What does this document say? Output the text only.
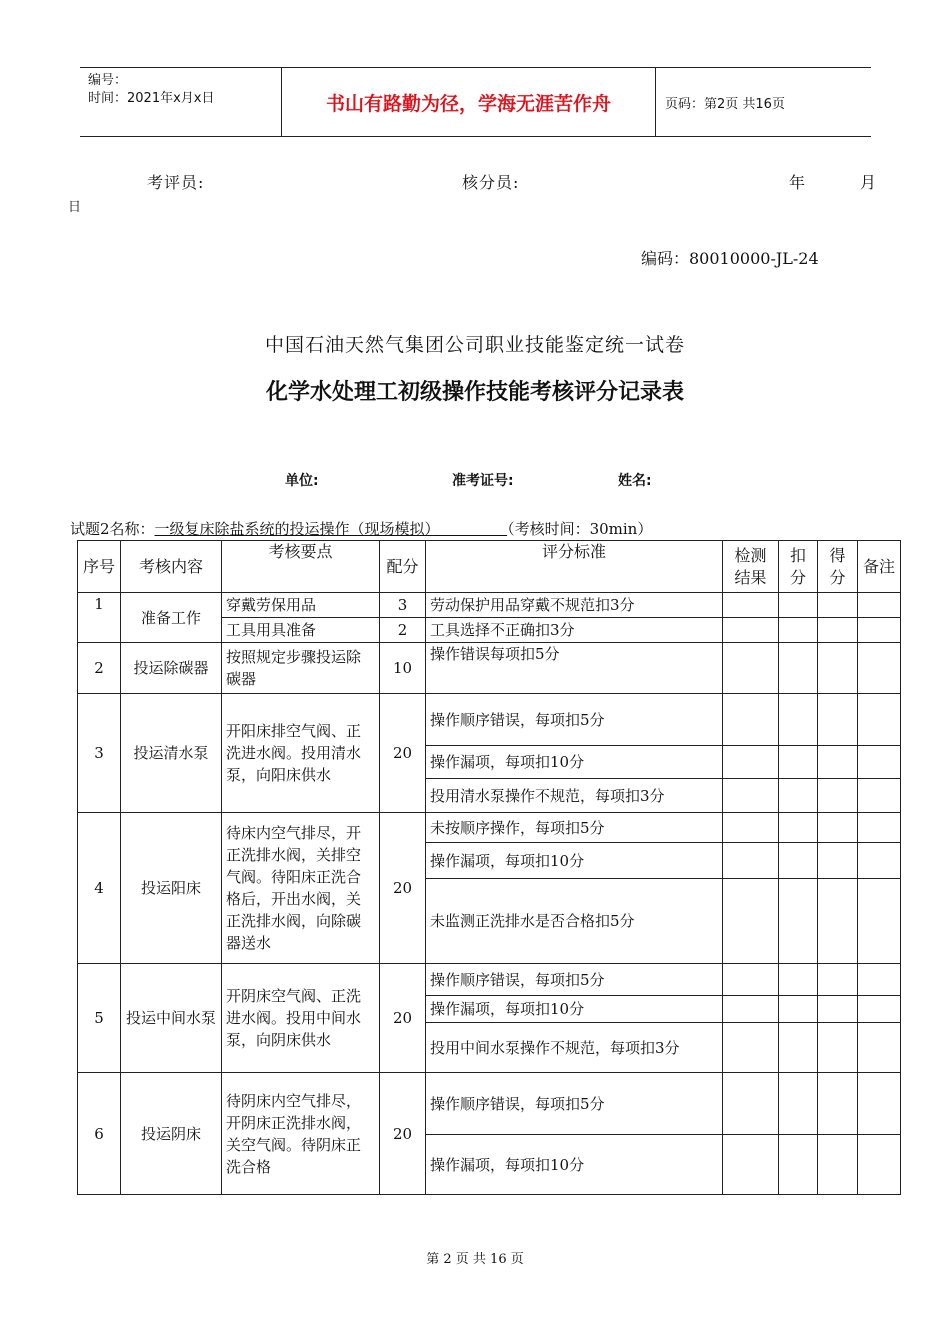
编号：
时间：2021年x月x日	书山有路勤为径，学海无涯苦作舟	页码：第2页 共16页
考评员:	核分员:	年	月
日
编码：80010000-JL-24
中国石油天然气集团公司职业技能鉴定统一试卷
化学水处理工初级操作技能考核评分记录表
单位:	准考证号:	姓名:
试题2名称：一级复床除盐系统的投运操作（现场模拟）　　　　　	（考核时间：30min）
序号	考核内容	考核要点	配分	评分标准	检测结果	扣分	得分	备注
1	准备工作	穿戴劳保用品	3	劳动保护用品穿戴不规范扣3分				
		工具用具准备	2	工具选择不正确扣3分				
2	投运除碳器	按照规定步骤投运除碳器	10	操作错误每项扣5分				
3	投运清水泵	开阳床排空气阀、正洗进水阀。投用清水泵，向阳床供水	20	操作顺序错误，每项扣5分				
				操作漏项，每项扣10分				
				投用清水泵操作不规范，每项扣3分				
4	投运阳床	待床内空气排尽，开正洗排水阀，关排空气阀。待阳床正洗合格后，开出水阀，关正洗排水阀，向除碳器送水	20	未按顺序操作，每项扣5分				
				操作漏项，每项扣10分				
				未监测正洗排水是否合格扣5分				
5	投运中间水泵	开阴床空气阀、正洗进水阀。投用中间水泵，向阴床供水	20	操作顺序错误，每项扣5分				
				操作漏项，每项扣10分				
				投用中间水泵操作不规范，每项扣3分				
6	投运阴床	待阴床内空气排尽，开阴床正洗排水阀，关空气阀。待阴床正洗合格	20	操作顺序错误，每项扣5分				
				操作漏项，每项扣10分				
第 2 页 共 16 页
